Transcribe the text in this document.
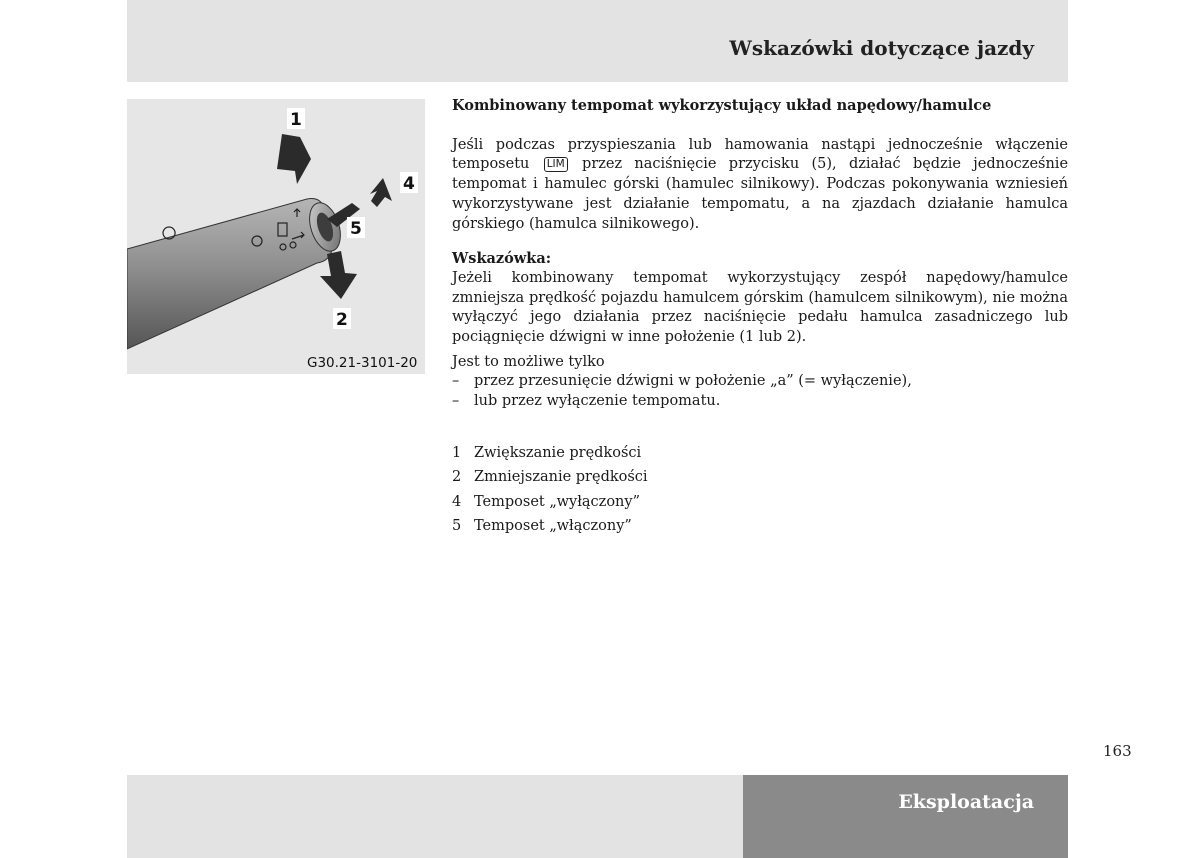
Wskazówki dotyczące jazdy
1
2
4
5
G30.21-3101-20

Kombinowany tempomat wykorzystujący układ napędowy/hamulce

Jeśli podczas przyspieszania lub hamowania nastąpi jednocześnie włączenie temposetu LIM przez naciśnięcie przycisku (5), działać będzie jednocześnie tempomat i hamulec górski (hamulec silnikowy). Podczas pokonywania wzniesień wykorzystywane jest działanie tempomatu, a na zjazdach działanie hamulca górskiego (hamulca silnikowego).

Wskazówka:

Jeżeli kombinowany tempomat wykorzystujący zespół napędowy/hamulce zmniejsza prędkość pojazdu hamulcem górskim (hamulcem silnikowym), nie można wyłączyć jego działania przez naciśnięcie pedału hamulca zasadniczego lub pociągnięcie dźwigni w inne położenie (1 lub 2).

Jest to możliwe tylko

– przez przesunięcie dźwigni w położenie „a” (= wyłączenie),
– lub przez wyłączenie tempomatu.
1 Zwiększanie prędkości
2 Zmniejszanie prędkości
4 Temposet „wyłączony”
5 Temposet „włączony”
163
Eksploatacja
